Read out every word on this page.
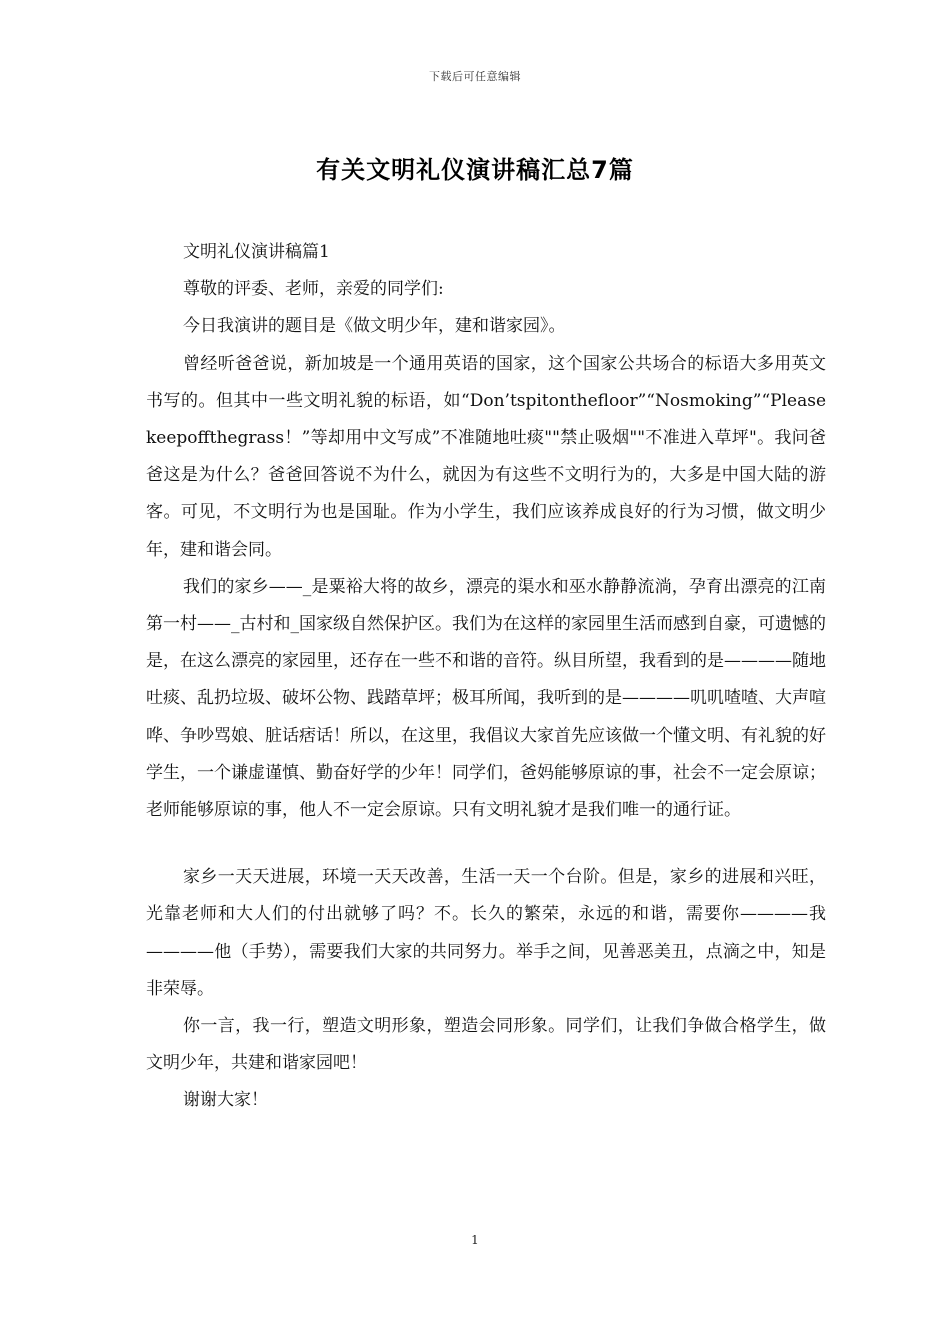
下载后可任意编辑
有关文明礼仪演讲稿汇总7篇

文明礼仪演讲稿篇1

尊敬的评委、老师，亲爱的同学们:

今日我演讲的题目是《做文明少年，建和谐家园》。

曾经听爸爸说，新加坡是一个通用英语的国家，这个国家公共场合的标语大多用英文书写的。但其中一些文明礼貌的标语，如“Don’tspitonthefloor”“Nosmoking”“Pleasekeepoffthegrass！”等却用中文写成”不准随地吐痰""禁止吸烟""不准进入草坪"。我问爸爸这是为什么？爸爸回答说不为什么，就因为有这些不文明行为的，大多是中国大陆的游客。可见，不文明行为也是国耻。作为小学生，我们应该养成良好的行为习惯，做文明少年，建和谐会同。

我们的家乡——_是粟裕大将的故乡，漂亮的渠水和巫水静静流淌，孕育出漂亮的江南第一村——_古村和_国家级自然保护区。我们为在这样的家园里生活而感到自豪，可遗憾的是，在这么漂亮的家园里，还存在一些不和谐的音符。纵目所望，我看到的是————随地吐痰、乱扔垃圾、破坏公物、践踏草坪；极耳所闻，我听到的是————叽叽喳喳、大声喧哗、争吵骂娘、脏话痞话！所以，在这里，我倡议大家首先应该做一个懂文明、有礼貌的好学生，一个谦虚谨慎、勤奋好学的少年！同学们，爸妈能够原谅的事，社会不一定会原谅；老师能够原谅的事，他人不一定会原谅。只有文明礼貌才是我们唯一的通行证。

家乡一天天进展，环境一天天改善，生活一天一个台阶。但是，家乡的进展和兴旺，光靠老师和大人们的付出就够了吗？不。长久的繁荣，永远的和谐，需要你————我————他（手势），需要我们大家的共同努力。举手之间，见善恶美丑，点滴之中，知是非荣辱。

你一言，我一行，塑造文明形象，塑造会同形象。同学们，让我们争做合格学生，做文明少年，共建和谐家园吧！

谢谢大家！

1
